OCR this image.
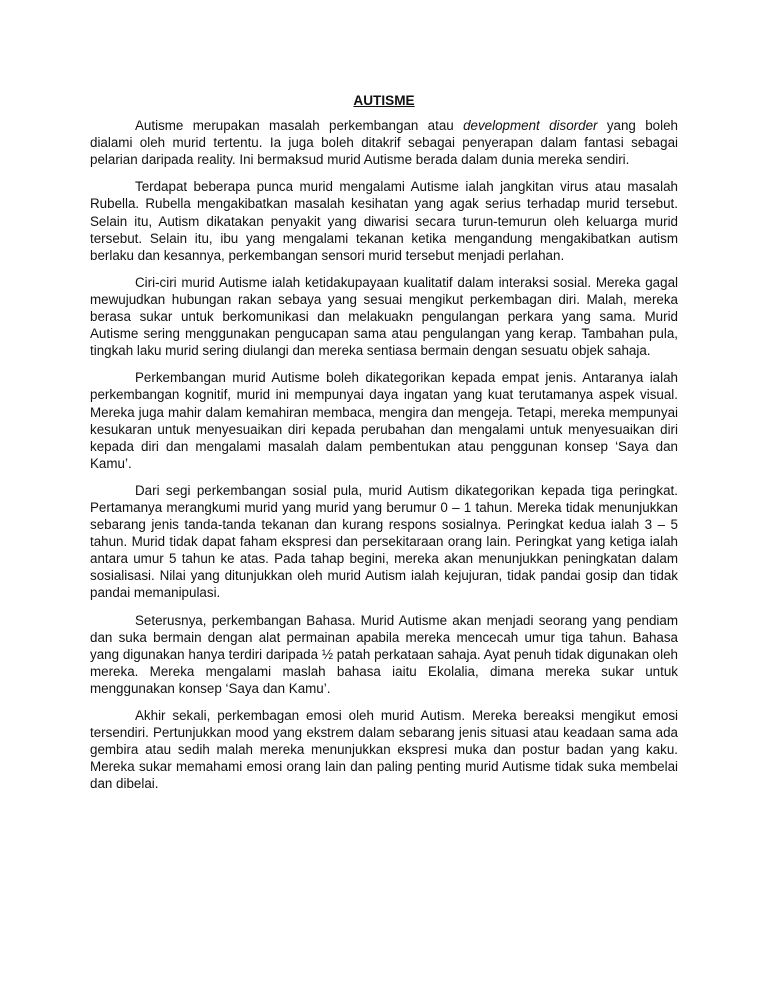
AUTISME

Autisme merupakan masalah perkembangan atau development disorder yang boleh dialami oleh murid tertentu. Ia juga boleh ditakrif sebagai penyerapan dalam fantasi sebagai pelarian daripada reality. Ini bermaksud murid Autisme berada dalam dunia mereka sendiri.

Terdapat beberapa punca murid mengalami Autisme ialah jangkitan virus atau masalah Rubella. Rubella mengakibatkan masalah kesihatan yang agak serius terhadap murid tersebut. Selain itu, Autism dikatakan penyakit yang diwarisi secara turun-temurun oleh keluarga murid tersebut. Selain itu, ibu yang mengalami tekanan ketika mengandung mengakibatkan autism berlaku dan kesannya, perkembangan sensori murid tersebut menjadi perlahan.

Ciri-ciri murid Autisme ialah ketidakupayaan kualitatif dalam interaksi sosial. Mereka gagal mewujudkan hubungan rakan sebaya yang sesuai mengikut perkembagan diri. Malah, mereka berasa sukar untuk berkomunikasi dan melakuakn pengulangan perkara yang sama. Murid Autisme sering menggunakan pengucapan sama atau pengulangan yang kerap. Tambahan pula, tingkah laku murid sering diulangi dan mereka sentiasa bermain dengan sesuatu objek sahaja.

Perkembangan murid Autisme boleh dikategorikan kepada empat jenis. Antaranya ialah perkembangan kognitif, murid ini mempunyai daya ingatan yang kuat terutamanya aspek visual. Mereka juga mahir dalam kemahiran membaca, mengira dan mengeja. Tetapi, mereka mempunyai kesukaran untuk menyesuaikan diri kepada perubahan dan mengalami untuk menyesuaikan diri kepada diri dan mengalami masalah dalam pembentukan atau penggunan konsep ‘Saya dan Kamu’.

Dari segi perkembangan sosial pula, murid Autism dikategorikan kepada tiga peringkat. Pertamanya merangkumi murid yang murid yang berumur 0 – 1 tahun. Mereka tidak menunjukkan sebarang jenis tanda-tanda tekanan dan kurang respons sosialnya. Peringkat kedua ialah 3 – 5 tahun. Murid tidak dapat faham ekspresi dan persekitaraan orang lain. Peringkat yang ketiga ialah antara umur 5 tahun ke atas. Pada tahap begini, mereka akan menunjukkan peningkatan dalam sosialisasi. Nilai yang ditunjukkan oleh murid Autism ialah kejujuran, tidak pandai gosip dan tidak pandai memanipulasi.

Seterusnya, perkembangan Bahasa. Murid Autisme akan menjadi seorang yang pendiam dan suka bermain dengan alat permainan apabila mereka mencecah umur tiga tahun. Bahasa yang digunakan hanya terdiri daripada ½ patah perkataan sahaja. Ayat penuh tidak digunakan oleh mereka. Mereka mengalami maslah bahasa iaitu Ekolalia, dimana mereka sukar untuk menggunakan konsep ‘Saya dan Kamu’.

Akhir sekali, perkembagan emosi oleh murid Autism. Mereka bereaksi mengikut emosi tersendiri. Pertunjukkan mood yang ekstrem dalam sebarang jenis situasi atau keadaan sama ada gembira atau sedih malah mereka menunjukkan ekspresi muka dan postur badan yang kaku. Mereka sukar memahami emosi orang lain dan paling penting murid Autisme tidak suka membelai dan dibelai.
